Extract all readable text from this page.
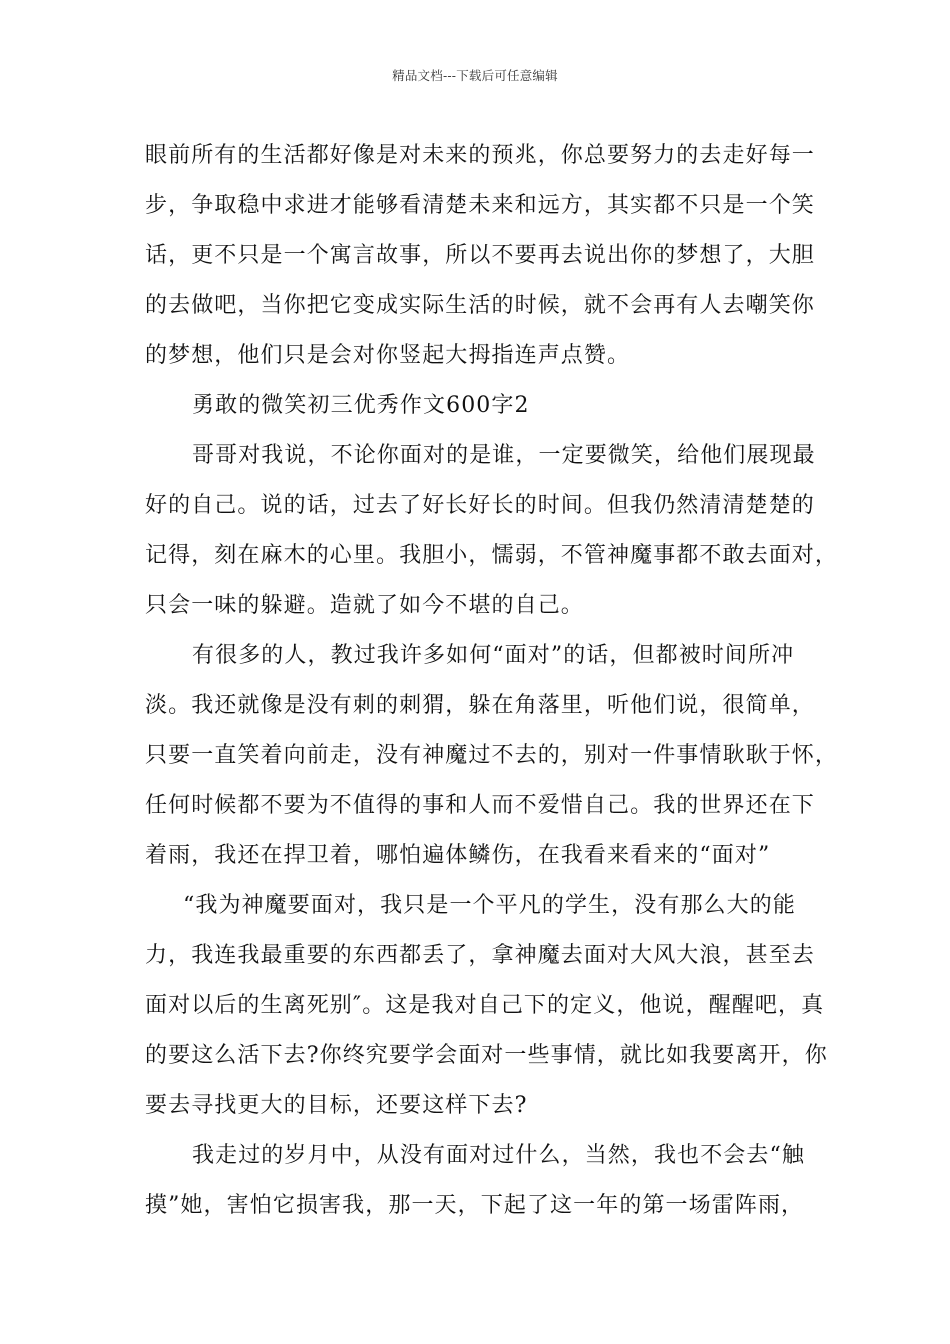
精品文档---下载后可任意编辑
眼前所有的生活都好像是对未来的预兆，你总要努力的去走好每一
步，争取稳中求进才能够看清楚未来和远方，其实都不只是一个笑
话，更不只是一个寓言故事，所以不要再去说出你的梦想了，大胆
的去做吧，当你把它变成实际生活的时候，就不会再有人去嘲笑你
的梦想，他们只是会对你竖起大拇指连声点赞。
勇敢的微笑初三优秀作文600字2
哥哥对我说，不论你面对的是谁，一定要微笑，给他们展现最
好的自己。说的话，过去了好长好长的时间。但我仍然清清楚楚的
记得，刻在麻木的心里。我胆小，懦弱，不管神魔事都不敢去面对，
只会一味的躲避。造就了如今不堪的自己。
有很多的人，教过我许多如何“面对”的话，但都被时间所冲
淡。我还就像是没有刺的刺猬，躲在角落里，听他们说，很简单，
只要一直笑着向前走，没有神魔过不去的，别对一件事情耿耿于怀，
任何时候都不要为不值得的事和人而不爱惜自己。我的世界还在下
着雨，我还在捍卫着，哪怕遍体鳞伤，在我看来看来的“面对”
“我为神魔要面对，我只是一个平凡的学生，没有那么大的能
力，我连我最重要的东西都丢了，拿神魔去面对大风大浪，甚至去
面对以后的生离死别″。这是我对自己下的定义，他说，醒醒吧，真
的要这么活下去?你终究要学会面对一些事情，就比如我要离开，你
要去寻找更大的目标，还要这样下去?
我走过的岁月中，从没有面对过什么，当然，我也不会去“触
摸”她，害怕它损害我，那一天，下起了这一年的第一场雷阵雨，
